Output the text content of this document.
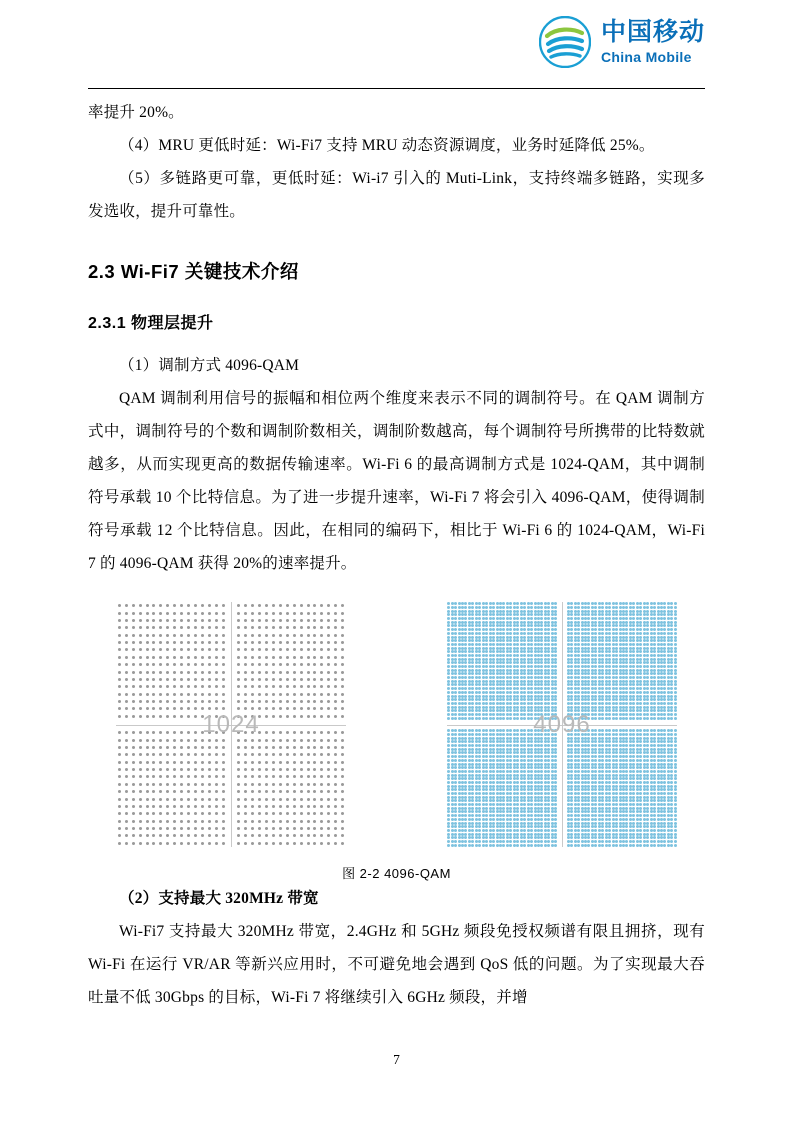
中国移动
China Mobile

率提升 20%。

（4）MRU 更低时延：Wi-Fi7 支持 MRU 动态资源调度，业务时延降低 25%。

（5）多链路更可靠，更低时延：Wi-i7 引入的 Muti-Link，支持终端多链路，实现多发选收，提升可靠性。

2.3 Wi-Fi7 关键技术介绍
2.3.1 物理层提升

（1）调制方式 4096-QAM

QAM 调制利用信号的振幅和相位两个维度来表示不同的调制符号。在 QAM 调制方式中，调制符号的个数和调制阶数相关，调制阶数越高，每个调制符号所携带的比特数就越多，从而实现更高的数据传输速率。Wi-Fi 6 的最高调制方式是 1024-QAM，其中调制符号承载 10 个比特信息。为了进一步提升速率，Wi-Fi 7 将会引入 4096-QAM，使得调制符号承载 12 个比特信息。因此，在相同的编码下，相比于 Wi-Fi 6 的 1024-QAM，Wi-Fi 7 的 4096-QAM 获得 20%的速率提升。

1024	4096
图 2-2 4096-QAM

（2）支持最大 320MHz 带宽

Wi-Fi7 支持最大 320MHz 带宽，2.4GHz 和 5GHz 频段免授权频谱有限且拥挤，现有 Wi-Fi 在运行 VR/AR 等新兴应用时，不可避免地会遇到 QoS 低的问题。为了实现最大吞吐量不低 30Gbps 的目标，Wi-Fi 7 将继续引入 6GHz 频段，并增

7
